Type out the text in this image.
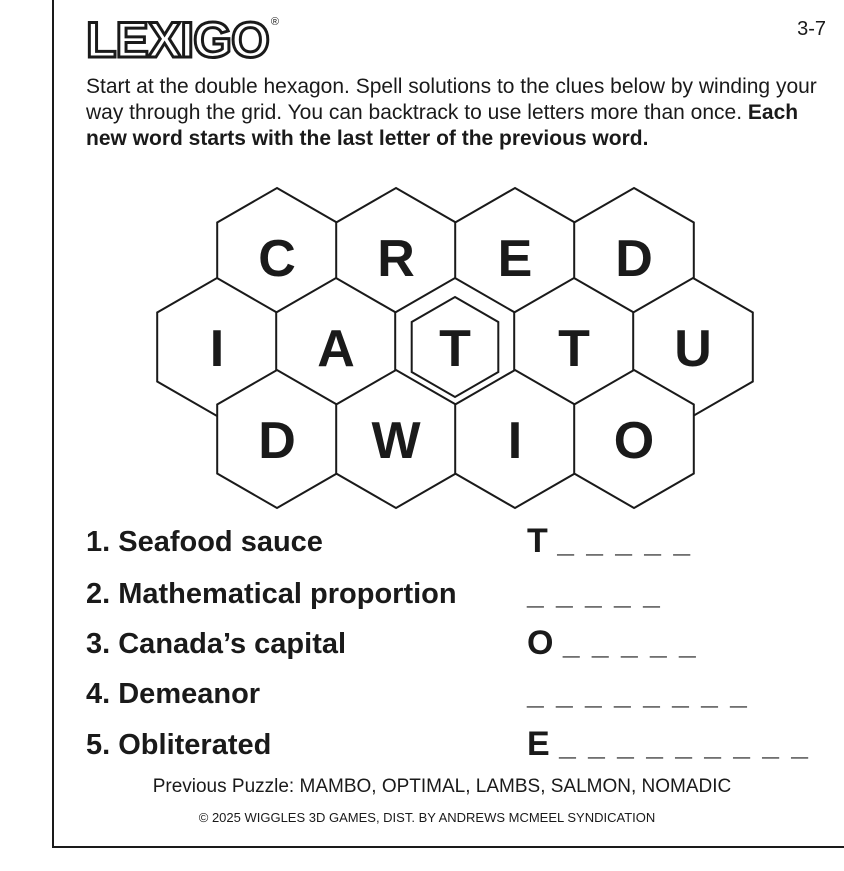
LEXIGO ®	3-7
Start at the double hexagon. Spell solutions to the clues below by winding your way through the grid. You can backtrack to use letters more than once. Each new word starts with the last letter of the previous word.
C R E D
I A T T U
D W I O
1. Seafood sauce	T _ _ _ _ _
2. Mathematical proportion _ _ _ _ _
3. Canada’s capital	O _ _ _ _ _
4. Demeanor	_ _ _ _ _ _ _ _
5. Obliterated	E _ _ _ _ _ _ _ _ _
Previous Puzzle: MAMBO, OPTIMAL, LAMBS, SALMON, NOMADIC
© 2025 WIGGLES 3D GAMES, DIST. BY ANDREWS MCMEEL SYNDICATION
